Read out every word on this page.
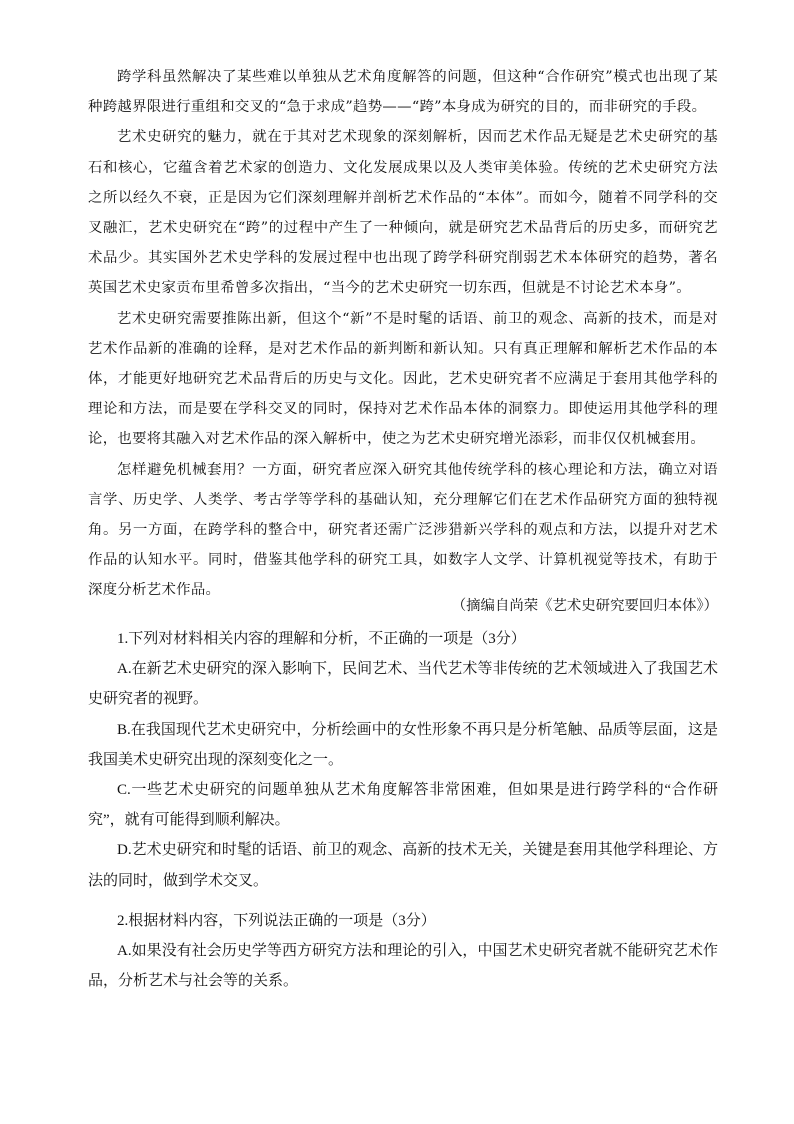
跨学科虽然解决了某些难以单独从艺术角度解答的问题，但这种“合作研究”模式也出现了某种跨越界限进行重组和交叉的“急于求成”趋势——“跨”本身成为研究的目的，而非研究的手段。

艺术史研究的魅力，就在于其对艺术现象的深刻解析，因而艺术作品无疑是艺术史研究的基石和核心，它蕴含着艺术家的创造力、文化发展成果以及人类审美体验。传统的艺术史研究方法之所以经久不衰，正是因为它们深刻理解并剖析艺术作品的“本体”。而如今，随着不同学科的交叉融汇，艺术史研究在“跨”的过程中产生了一种倾向，就是研究艺术品背后的历史多，而研究艺术品少。其实国外艺术史学科的发展过程中也出现了跨学科研究削弱艺术本体研究的趋势，著名英国艺术史家贡布里希曾多次指出，“当今的艺术史研究一切东西，但就是不讨论艺术本身”。

艺术史研究需要推陈出新，但这个“新”不是时髦的话语、前卫的观念、高新的技术，而是对艺术作品新的准确的诠释，是对艺术作品的新判断和新认知。只有真正理解和解析艺术作品的本体，才能更好地研究艺术品背后的历史与文化。因此，艺术史研究者不应满足于套用其他学科的理论和方法，而是要在学科交叉的同时，保持对艺术作品本体的洞察力。即使运用其他学科的理论，也要将其融入对艺术作品的深入解析中，使之为艺术史研究增光添彩，而非仅仅机械套用。

怎样避免机械套用？一方面，研究者应深入研究其他传统学科的核心理论和方法，确立对语言学、历史学、人类学、考古学等学科的基础认知，充分理解它们在艺术作品研究方面的独特视角。另一方面，在跨学科的整合中，研究者还需广泛涉猎新兴学科的观点和方法，以提升对艺术作品的认知水平。同时，借鉴其他学科的研究工具，如数字人文学、计算机视觉等技术，有助于深度分析艺术作品。

（摘编自尚荣《艺术史研究要回归本体》）

1.下列对材料相关内容的理解和分析，不正确的一项是（3分）

A.在新艺术史研究的深入影响下，民间艺术、当代艺术等非传统的艺术领域进入了我国艺术史研究者的视野。

B.在我国现代艺术史研究中，分析绘画中的女性形象不再只是分析笔触、品质等层面，这是我国美术史研究出现的深刻变化之一。

C.一些艺术史研究的问题单独从艺术角度解答非常困难，但如果是进行跨学科的“合作研究”，就有可能得到顺利解决。

D.艺术史研究和时髦的话语、前卫的观念、高新的技术无关，关键是套用其他学科理论、方法的同时，做到学术交叉。

2.根据材料内容，下列说法正确的一项是（3分）

A.如果没有社会历史学等西方研究方法和理论的引入，中国艺术史研究者就不能研究艺术作品，分析艺术与社会等的关系。
